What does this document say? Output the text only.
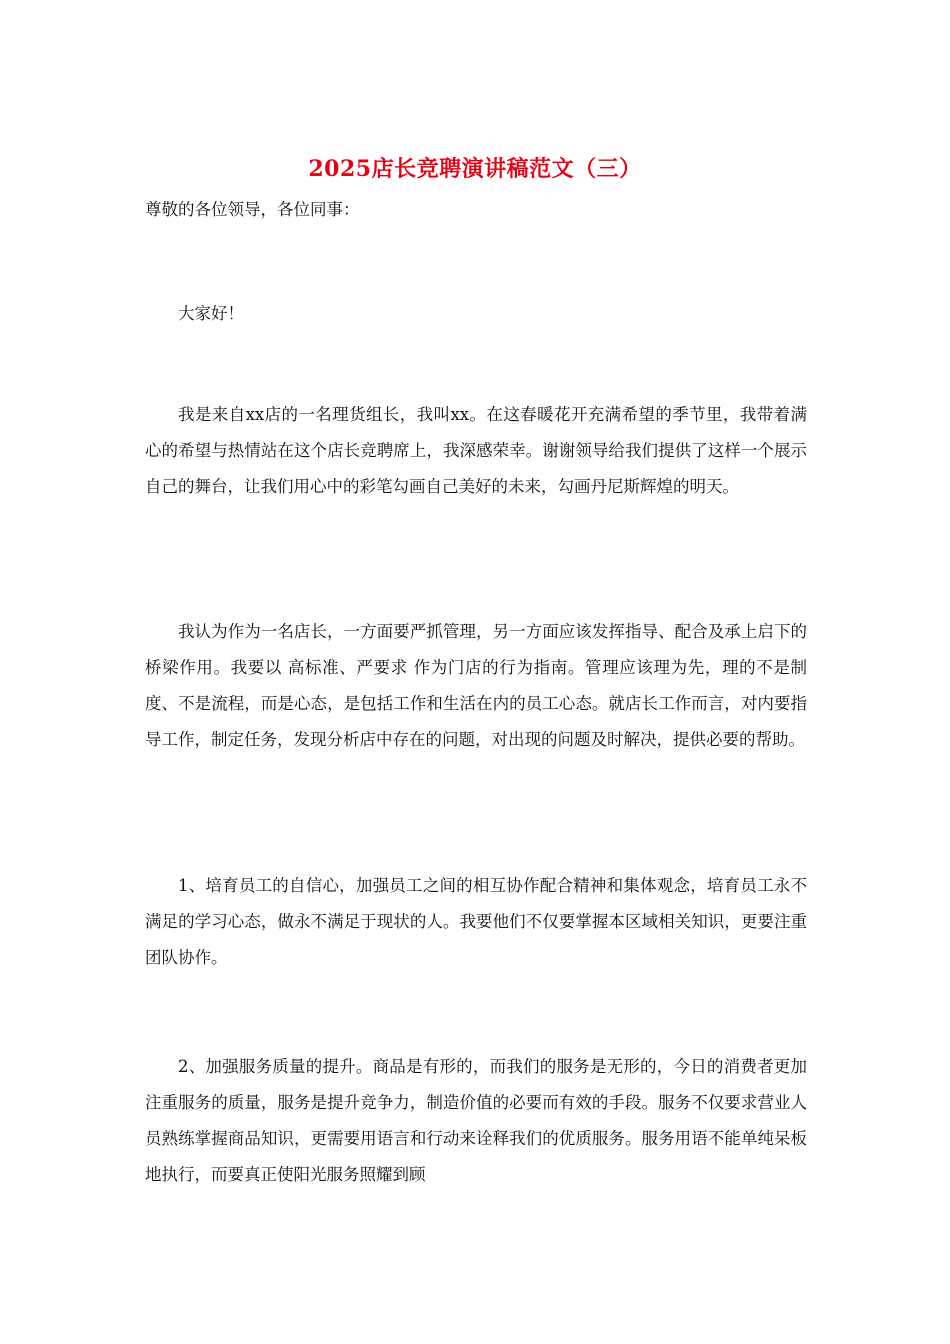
2025店长竞聘演讲稿范文（三）
尊敬的各位领导，各位同事：

大家好！

我是来自xx店的一名理货组长，我叫xx。在这春暖花开充满希望的季节里，我带着满心的希望与热情站在这个店长竞聘席上，我深感荣幸。谢谢领导给我们提供了这样一个展示自己的舞台，让我们用心中的彩笔勾画自己美好的未来，勾画丹尼斯辉煌的明天。

我认为作为一名店长，一方面要严抓管理，另一方面应该发挥指导、配合及承上启下的桥梁作用。我要以 高标准、严要求 作为门店的行为指南。管理应该理为先，理的不是制度、不是流程，而是心态，是包括工作和生活在内的员工心态。就店长工作而言，对内要指导工作，制定任务，发现分析店中存在的问题，对出现的问题及时解决，提供必要的帮助。

1、培育员工的自信心，加强员工之间的相互协作配合精神和集体观念，培育员工永不满足的学习心态，做永不满足于现状的人。我要他们不仅要掌握本区域相关知识，更要注重团队协作。

2、加强服务质量的提升。商品是有形的，而我们的服务是无形的，今日的消费者更加注重服务的质量，服务是提升竞争力，制造价值的必要而有效的手段。服务不仅要求营业人员熟练掌握商品知识，更需要用语言和行动来诠释我们的优质服务。服务用语不能单纯呆板地执行，而要真正使阳光服务照耀到顾
